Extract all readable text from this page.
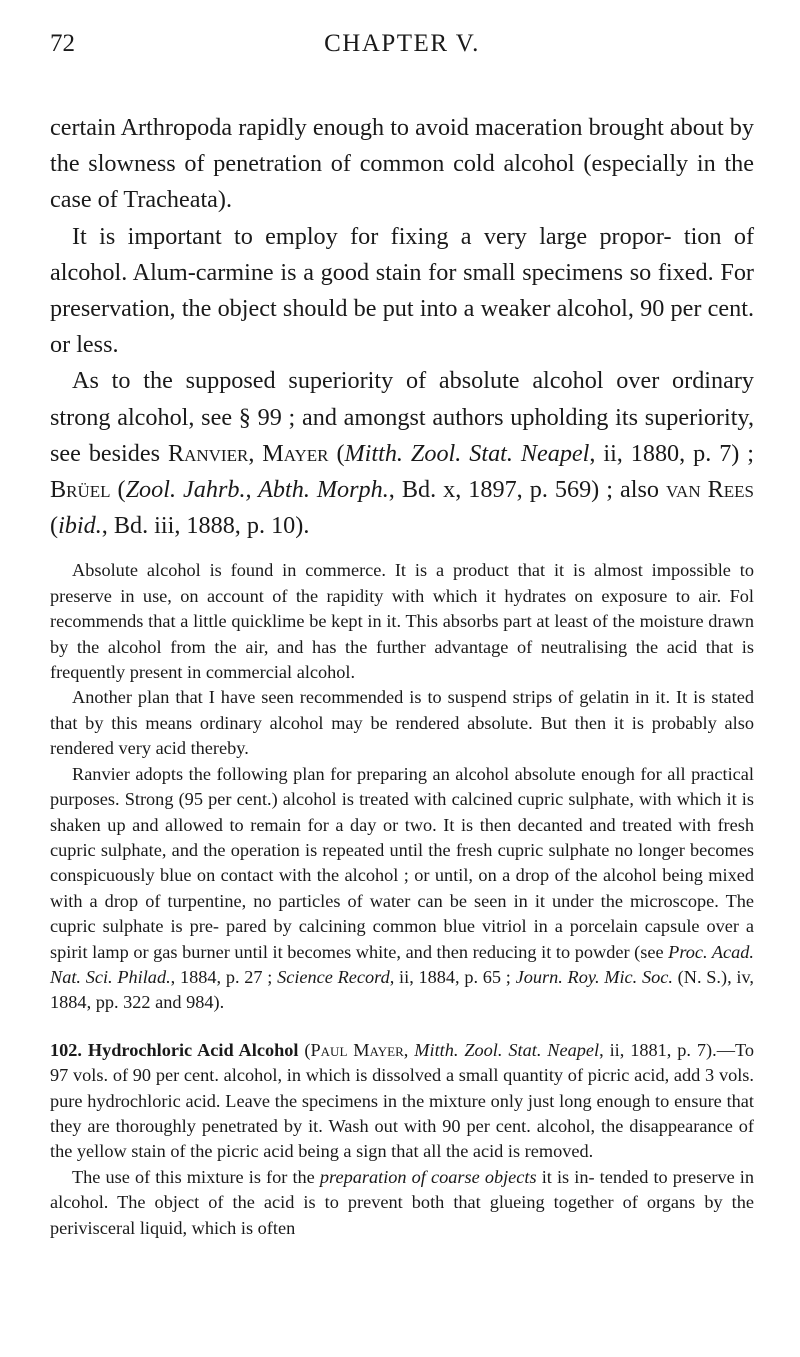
72	CHAPTER V.

certain Arthropoda rapidly enough to avoid maceration brought about by the slowness of penetration of common cold alcohol (especially in the case of Tracheata).

It is important to employ for fixing a very large propor- tion of alcohol. Alum-carmine is a good stain for small specimens so fixed. For preservation, the object should be put into a weaker alcohol, 90 per cent. or less.

As to the supposed superiority of absolute alcohol over ordinary strong alcohol, see § 99 ; and amongst authors upholding its superiority, see besides Ranvier, Mayer (Mitth. Zool. Stat. Neapel, ii, 1880, p. 7) ; Brüel (Zool. Jahrb., Abth. Morph., Bd. x, 1897, p. 569) ; also van Rees (ibid., Bd. iii, 1888, p. 10).

Absolute alcohol is found in commerce. It is a product that it is almost impossible to preserve in use, on account of the rapidity with which it hydrates on exposure to air. Fol recommends that a little quicklime be kept in it. This absorbs part at least of the moisture drawn by the alcohol from the air, and has the further advantage of neutralising the acid that is frequently present in commercial alcohol.

Another plan that I have seen recommended is to suspend strips of gelatin in it. It is stated that by this means ordinary alcohol may be rendered absolute. But then it is probably also rendered very acid thereby.

Ranvier adopts the following plan for preparing an alcohol absolute enough for all practical purposes. Strong (95 per cent.) alcohol is treated with calcined cupric sulphate, with which it is shaken up and allowed to remain for a day or two. It is then decanted and treated with fresh cupric sulphate, and the operation is repeated until the fresh cupric sulphate no longer becomes conspicuously blue on contact with the alcohol ; or until, on a drop of the alcohol being mixed with a drop of turpentine, no particles of water can be seen in it under the microscope. The cupric sulphate is pre- pared by calcining common blue vitriol in a porcelain capsule over a spirit lamp or gas burner until it becomes white, and then reducing it to powder (see Proc. Acad. Nat. Sci. Philad., 1884, p. 27 ; Science Record, ii, 1884, p. 65 ; Journ. Roy. Mic. Soc. (N. S.), iv, 1884, pp. 322 and 984).

102. Hydrochloric Acid Alcohol (Paul Mayer, Mitth. Zool. Stat. Neapel, ii, 1881, p. 7).—To 97 vols. of 90 per cent. alcohol, in which is dissolved a small quantity of picric acid, add 3 vols. pure hydrochloric acid. Leave the specimens in the mixture only just long enough to ensure that they are thoroughly penetrated by it. Wash out with 90 per cent. alcohol, the disappearance of the yellow stain of the picric acid being a sign that all the acid is removed.

The use of this mixture is for the preparation of coarse objects it is in- tended to preserve in alcohol. The object of the acid is to prevent both that glueing together of organs by the perivisceral liquid, which is often
